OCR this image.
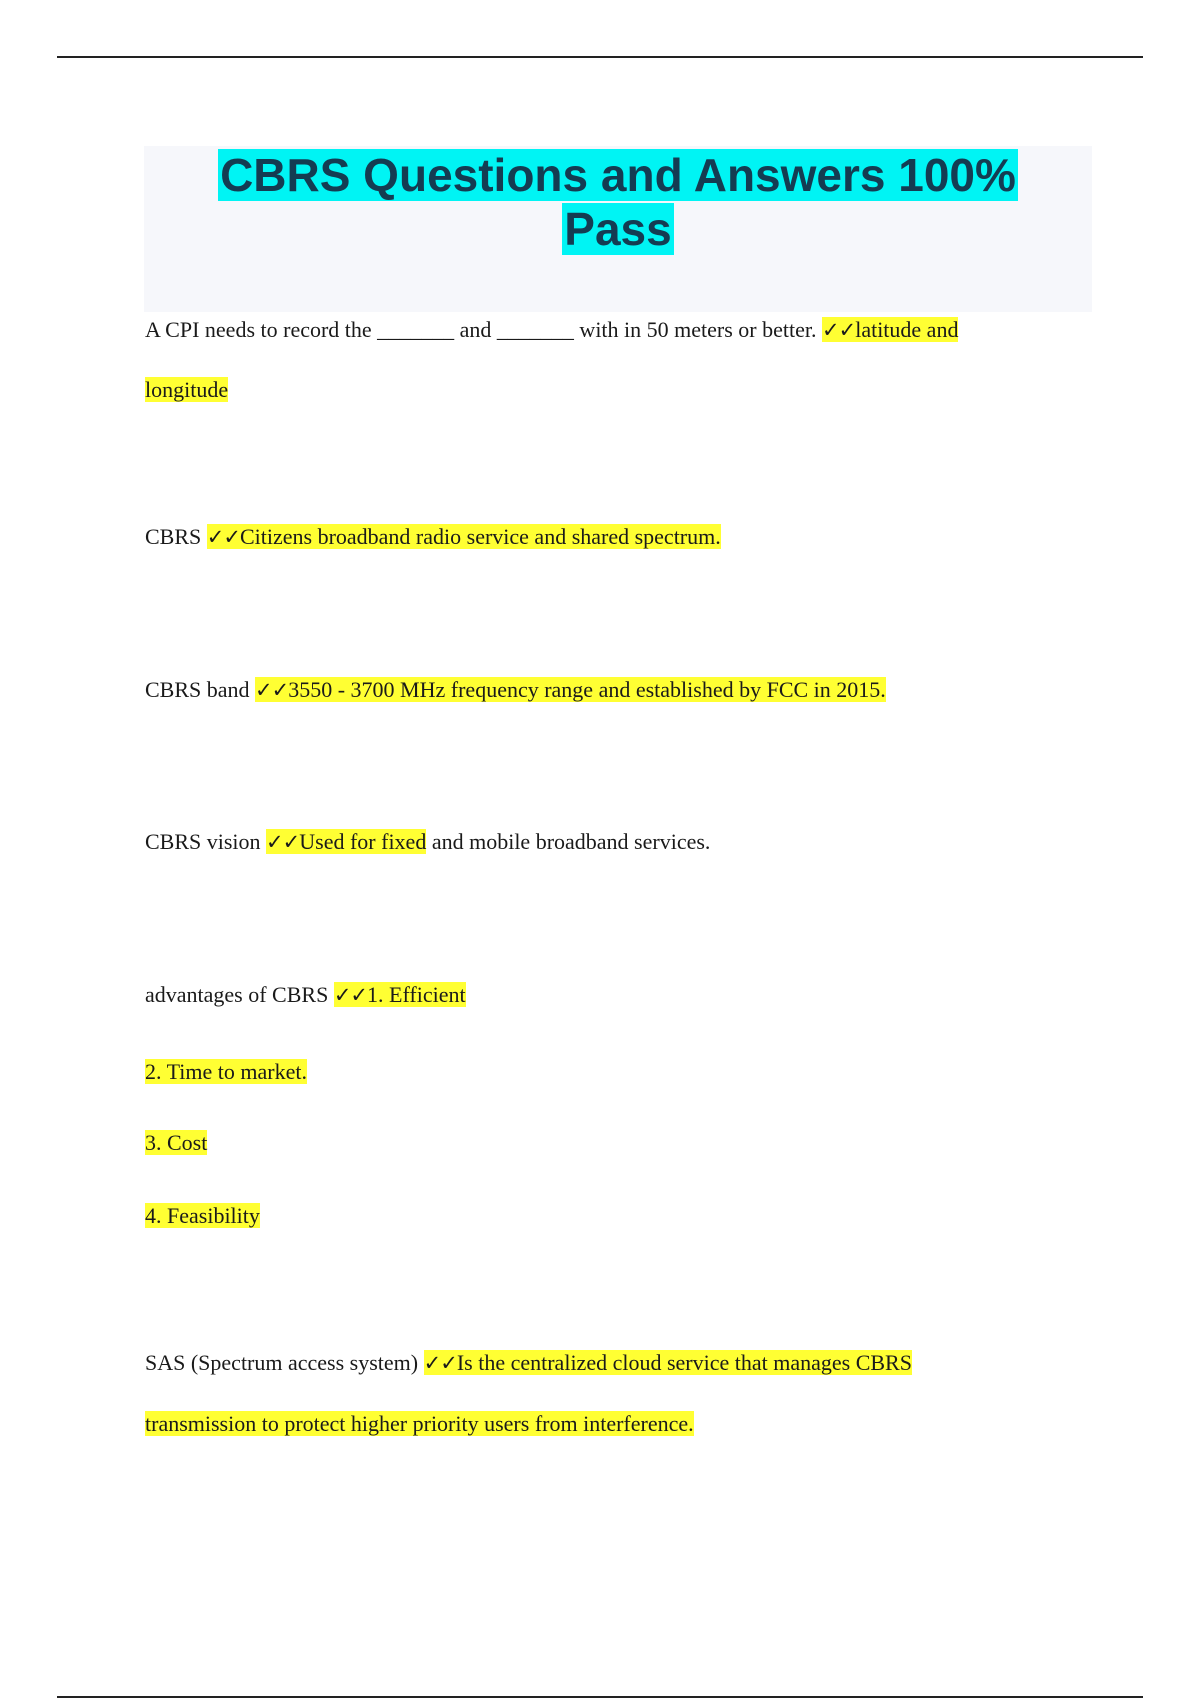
CBRS Questions and Answers 100%
Pass
A CPI needs to record the _______ and _______ with in 50 meters or better. ✓✓latitude and
longitude
CBRS ✓✓Citizens broadband radio service and shared spectrum.
CBRS band ✓✓3550 - 3700 MHz frequency range and established by FCC in 2015.
CBRS vision ✓✓Used for fixed and mobile broadband services.
advantages of CBRS ✓✓1. Efficient
2. Time to market.
3. Cost
4. Feasibility
SAS (Spectrum access system) ✓✓Is the centralized cloud service that manages CBRS
transmission to protect higher priority users from interference.
